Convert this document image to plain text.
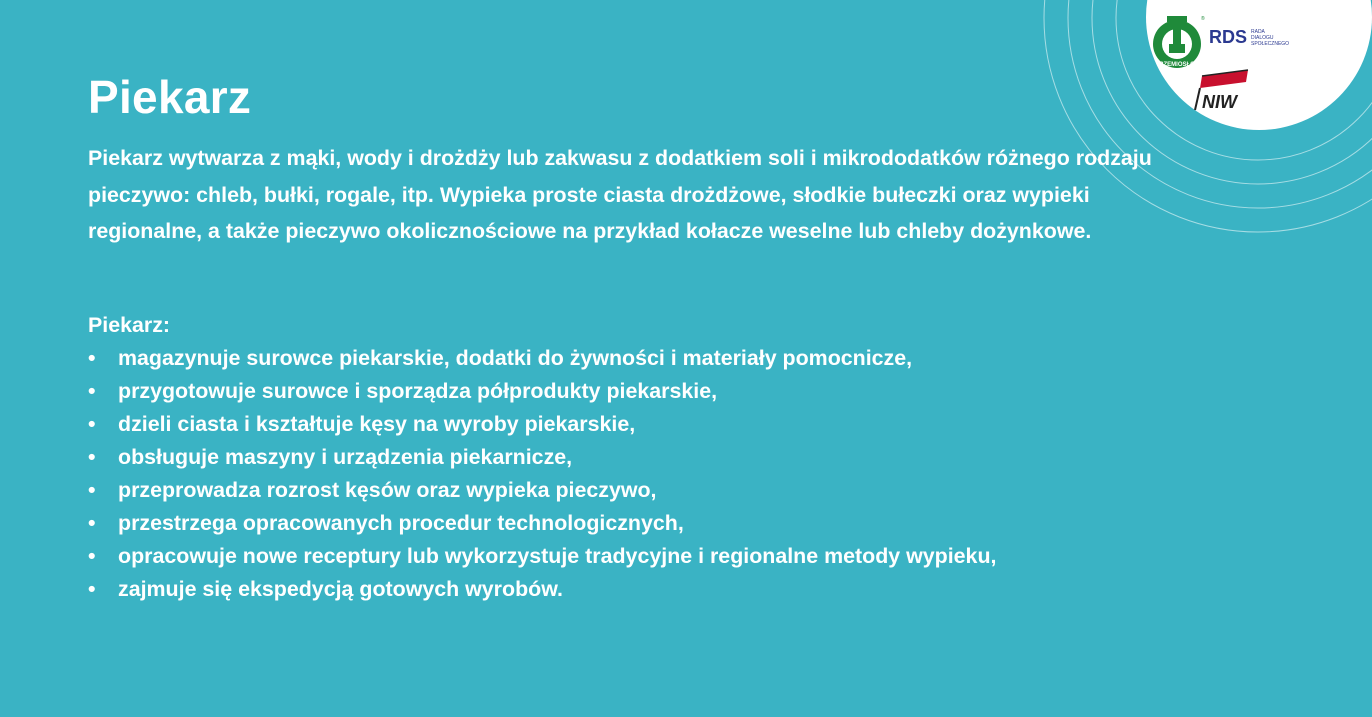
RZEMIOSŁO
®
RDS RADA
DIALOGU
SPOŁECZNEGO
NIW
Piekarz

Piekarz wytwarza z mąki, wody i drożdży lub zakwasu z dodatkiem soli i mikrododatków różnego rodzaju pieczywo: chleb, bułki, rogale, itp. Wypieka proste ciasta drożdżowe, słodkie bułeczki oraz wypieki regionalne, a także pieczywo okolicznościowe na przykład kołacze weselne lub chleby dożynkowe.

Piekarz:

• magazynuje surowce piekarskie, dodatki do żywności i materiały pomocnicze,
• przygotowuje surowce i sporządza półprodukty piekarskie,
• dzieli ciasta i kształtuje kęsy na wyroby piekarskie,
• obsługuje maszyny i urządzenia piekarnicze,
• przeprowadza rozrost kęsów oraz wypieka pieczywo,
• przestrzega opracowanych procedur technologicznych,
• opracowuje nowe receptury lub wykorzystuje tradycyjne i regionalne metody wypieku,
• zajmuje się ekspedycją gotowych wyrobów.
